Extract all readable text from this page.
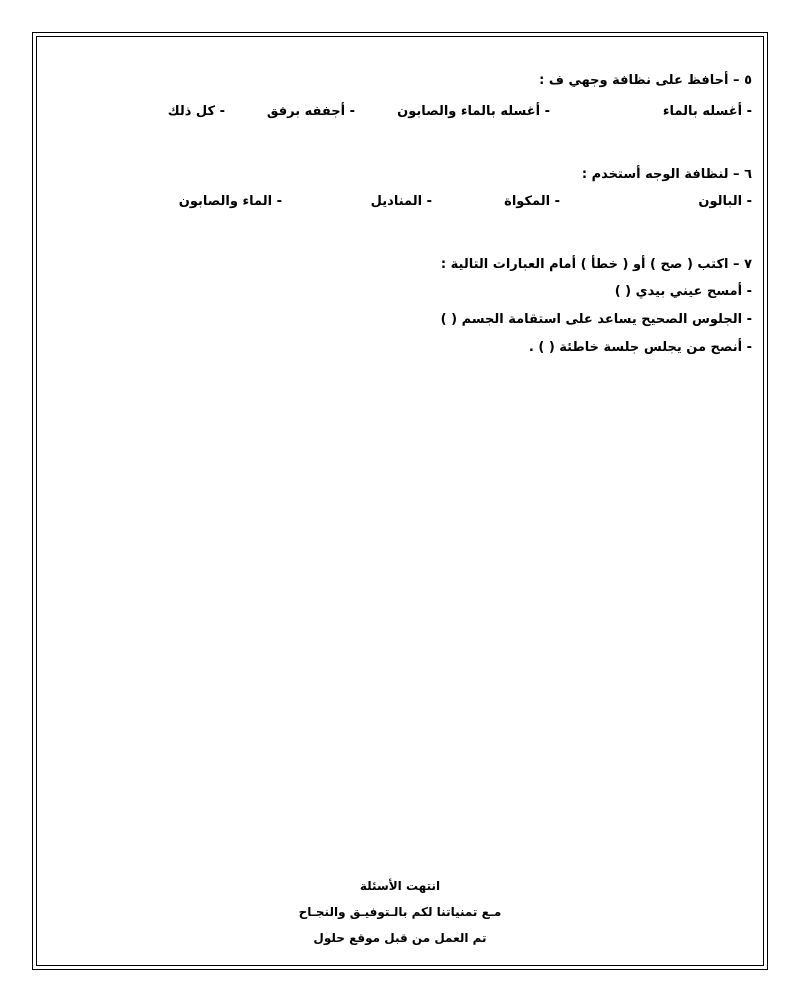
٥ – أحافظ على نظافة وجهي ف :
- أغسله بالماء
- أغسله بالماء والصابون
- أجففه برفق
- كل ذلك
٦ – لنظافة الوجه أستخدم :
- البالون
- المكواة
- المناديل
- الماء والصابون
٧ – اكتب ( صح ) أو ( خطأ ) أمام العبارات التالية :
- أمسح عيني بيدي ( )
- الجلوس الصحيح يساعد على استقامة الجسم ( )
- أنصح من يجلس جلسة خاطئة ( ) .
انتهت الأسئلة
مـع تمنياتنا لكم بالـتوفيـق والنجـاح
تم العمل من قبل موقع حلول
